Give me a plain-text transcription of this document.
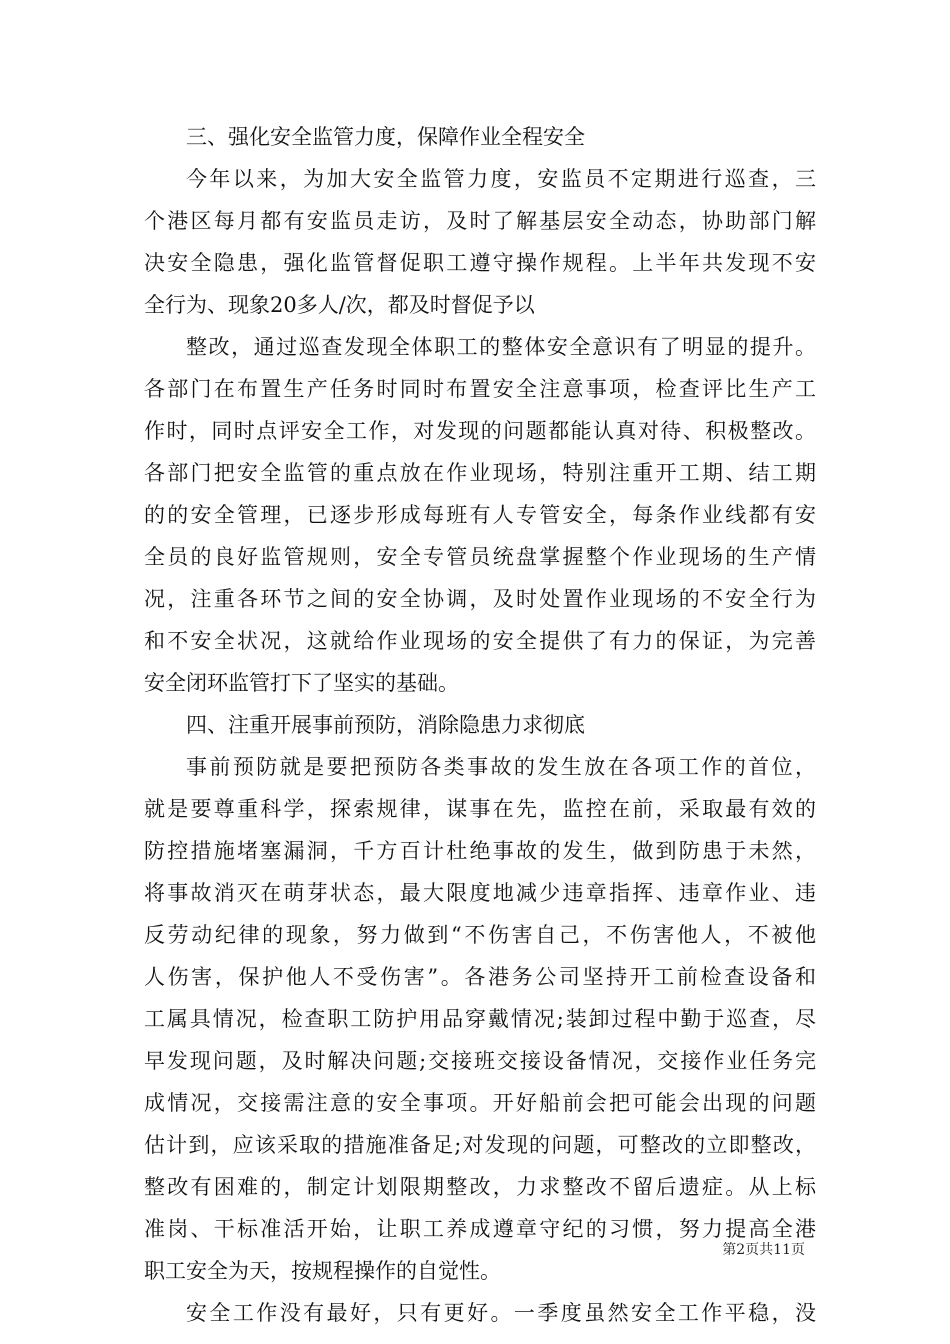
三、强化安全监管力度，保障作业全程安全
今年以来，为加大安全监管力度，安监员不定期进行巡查，三
个港区每月都有安监员走访，及时了解基层安全动态，协助部门解
决安全隐患，强化监管督促职工遵守操作规程。上半年共发现不安
全行为、现象20多人/次，都及时督促予以
整改，通过巡查发现全体职工的整体安全意识有了明显的提升。
各部门在布置生产任务时同时布置安全注意事项，检查评比生产工
作时，同时点评安全工作，对发现的问题都能认真对待、积极整改。
各部门把安全监管的重点放在作业现场，特别注重开工期、结工期
的的安全管理，已逐步形成每班有人专管安全，每条作业线都有安
全员的良好监管规则，安全专管员统盘掌握整个作业现场的生产情
况，注重各环节之间的安全协调，及时处置作业现场的不安全行为
和不安全状况，这就给作业现场的安全提供了有力的保证，为完善
安全闭环监管打下了坚实的基础。
四、注重开展事前预防，消除隐患力求彻底
事前预防就是要把预防各类事故的发生放在各项工作的首位，
就是要尊重科学，探索规律，谋事在先，监控在前，采取最有效的
防控措施堵塞漏洞，千方百计杜绝事故的发生，做到防患于未然，
将事故消灭在萌芽状态，最大限度地减少违章指挥、违章作业、违
反劳动纪律的现象，努力做到“不伤害自己，不伤害他人，不被他
人伤害，保护他人不受伤害”。各港务公司坚持开工前检查设备和
工属具情况，检查职工防护用品穿戴情况;装卸过程中勤于巡查，尽
早发现问题，及时解决问题;交接班交接设备情况，交接作业任务完
成情况，交接需注意的安全事项。开好船前会把可能会出现的问题
估计到，应该采取的措施准备足;对发现的问题，可整改的立即整改，
整改有困难的，制定计划限期整改，力求整改不留后遗症。从上标
准岗、干标准活开始，让职工养成遵章守纪的习惯，努力提高全港
职工安全为天，按规程操作的自觉性。
安全工作没有最好，只有更好。一季度虽然安全工作平稳，没
第2页共11页
